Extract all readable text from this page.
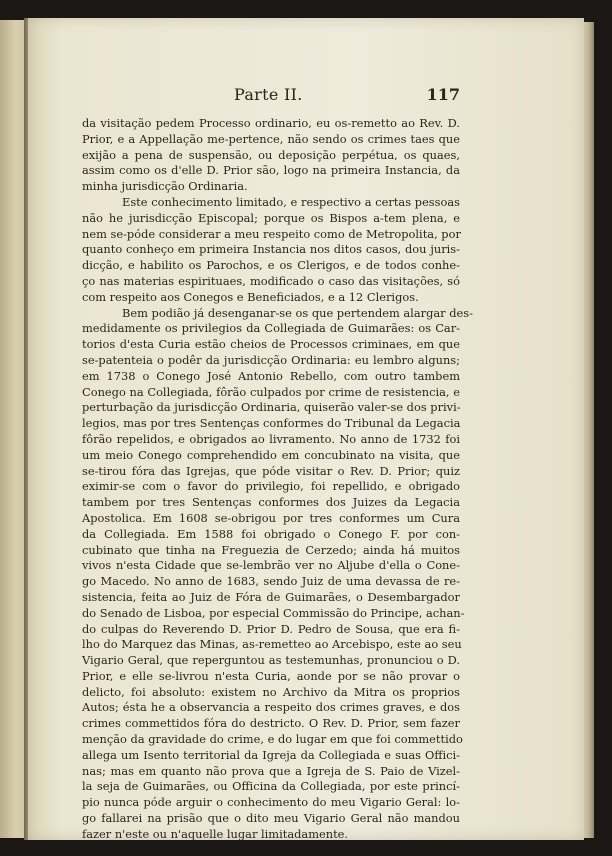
Parte II.	117
da visitação pedem Processo ordinario, eu os-remetto ao Rev. D.
Prior, e a Appellação me-pertence, não sendo os crimes taes que
exijão a pena de suspensão, ou deposição perpétua, os quaes,
assim como os d'elle D. Prior são, logo na primeira Instancia, da
minha jurisdicção Ordinaria.
Este conhecimento limitado, e respectivo a certas pessoas
não he jurisdicção Episcopal; porque os Bispos a-tem plena, e
nem se-póde considerar a meu respeito como de Metropolita, por
quanto conheço em primeira Instancia nos ditos casos, dou juris-
dicção, e habilito os Parochos, e os Clerigos, e de todos conhe-
ço nas materias espirituaes, modificado o caso das visitações, só
com respeito aos Conegos e Beneficiados, e a 12 Clerigos.
Bem podião já desenganar-se os que pertendem alargar des-
medidamente os privilegios da Collegiada de Guimarães: os Car-
torios d'esta Curia estão cheios de Processos criminaes, em que
se-patenteia o podêr da jurisdicção Ordinaria: eu lembro alguns;
em 1738 o Conego José Antonio Rebello, com outro tambem
Conego na Collegiada, fôrão culpados por crime de resistencia, e
perturbação da jurisdicção Ordinaria, quiserão valer-se dos privi-
legios, mas por tres Sentenças conformes do Tribunal da Legacia
fôrão repelidos, e obrigados ao livramento. No anno de 1732 foi
um meio Conego comprehendido em concubinato na visita, que
se-tirou fóra das Igrejas, que póde visitar o Rev. D. Prior; quiz
eximir-se com o favor do privilegio, foi repellido, e obrigado
tambem por tres Sentenças conformes dos Juizes da Legacia
Apostolica. Em 1608 se-obrigou por tres conformes um Cura
da Collegiada. Em 1588 foi obrigado o Conego F. por con-
cubinato que tinha na Freguezia de Cerzedo; ainda há muitos
vivos n'esta Cidade que se-lembrão ver no Aljube d'ella o Cone-
go Macedo. No anno de 1683, sendo Juiz de uma devassa de re-
sistencia, feita ao Juiz de Fóra de Guimarães, o Desembargador
do Senado de Lisboa, por especial Commissão do Principe, achan-
do culpas do Reverendo D. Prior D. Pedro de Sousa, que era fi-
lho do Marquez das Minas, as-remetteo ao Arcebispo, este ao seu
Vigario Geral, que reperguntou as testemunhas, pronunciou o D.
Prior, e elle se-livrou n'esta Curia, aonde por se não provar o
delicto, foi absoluto: existem no Archivo da Mitra os proprios
Autos; ésta he a observancia a respeito dos crimes graves, e dos
crimes commettidos fóra do destricto. O Rev. D. Prior, sem fazer
menção da gravidade do crime, e do lugar em que foi commettido
allega um Isento territorial da Igreja da Collegiada e suas Offici-
nas; mas em quanto não prova que a Igreja de S. Paio de Vizel-
la seja de Guimarães, ou Officina da Collegiada, por este princí-
pio nunca póde arguir o conhecimento do meu Vigario Geral: lo-
go fallarei na prisão que o dito meu Vigario Geral não mandou
fazer n'este ou n'aquelle lugar limitadamente.
